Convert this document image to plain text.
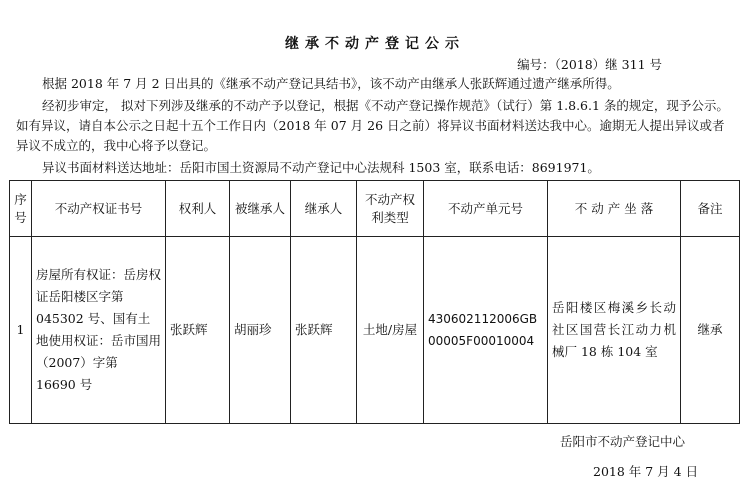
继承不动产登记公示
编号：（2018）继 311 号
根据 2018 年 7 月 2 日出具的《继承不动产登记具结书》，该不动产由继承人张跃辉通过遗产继承所得。
经初步审定， 拟对下列涉及继承的不动产予以登记，根据《不动产登记操作规范》（试行）第 1.8.6.1 条的规定，现予公示。如有异议，请自本公示之日起十五个工作日内（2018 年 07 月 26 日之前）将异议书面材料送达我中心。逾期无人提出异议或者异议不成立的，我中心将予以登记。
异议书面材料送达地址：岳阳市国土资源局不动产登记中心法规科 1503 室，联系电话：8691971。
序号	不动产权证书号	权利人	被继承人	继承人	不动产权利类型	不动产单元号	不 动 产 坐 落	备注
1	房屋所有权证：岳房权证岳阳楼区字第 045302 号、国有土地使用权证：岳市国用（2007）字第 16690 号	张跃辉	胡丽珍	张跃辉	土地/房屋	430602112006GB00005F00010004	岳阳楼区梅溪乡长动社区国营长江动力机械厂 18 栋 104 室	继承
岳阳市不动产登记中心
2018 年 7 月 4 日
